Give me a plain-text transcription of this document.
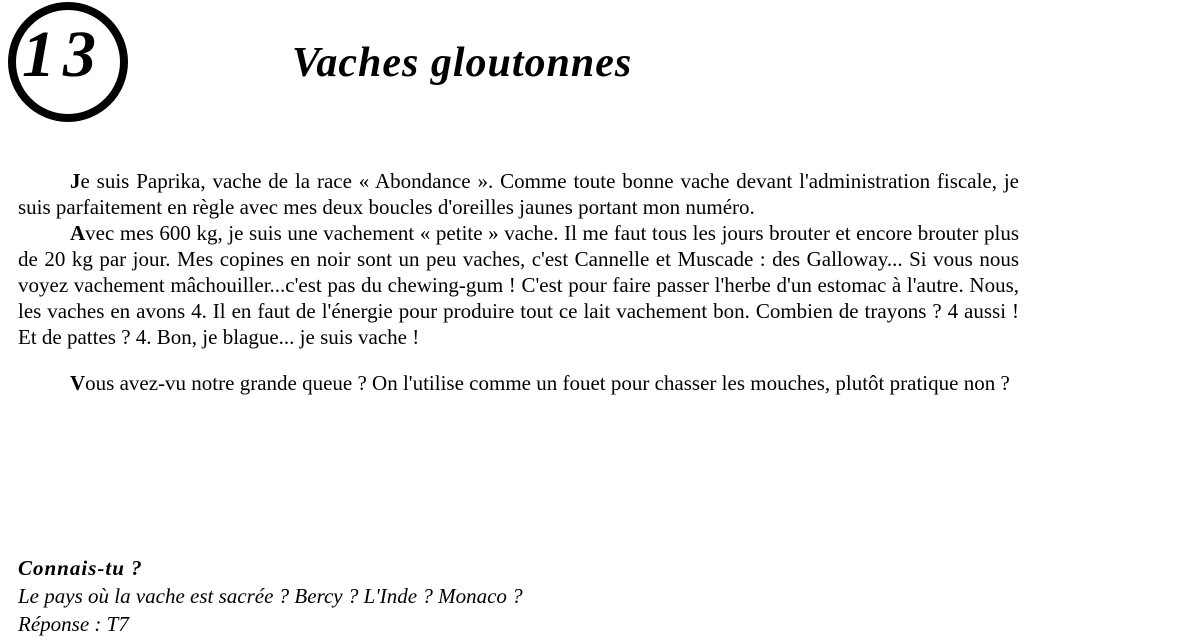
13	Vaches gloutonnes

Je suis Paprika, vache de la race « Abondance ». Comme toute bonne vache devant l'administration fiscale, je suis parfaitement en règle avec mes deux boucles d'oreilles jaunes portant mon numéro.

Avec mes 600 kg, je suis une vachement « petite » vache. Il me faut tous les jours brouter et encore brouter plus de 20 kg par jour. Mes copines en noir sont un peu vaches, c'est Cannelle et Muscade : des Galloway... Si vous nous voyez vachement mâchouiller...c'est pas du chewing-gum ! C'est pour faire passer l'herbe d'un estomac à l'autre. Nous, les vaches en avons 4. Il en faut de l'énergie pour produire tout ce lait vachement bon. Combien de trayons ? 4 aussi ! Et de pattes ? 4. Bon, je blague... je suis vache !

Vous avez-vu notre grande queue ? On l'utilise comme un fouet pour chasser les mouches, plutôt pratique non ?

Connais-tu ?
Le pays où la vache est sacrée ? Bercy ? L'Inde ? Monaco ?
Réponse : T7
